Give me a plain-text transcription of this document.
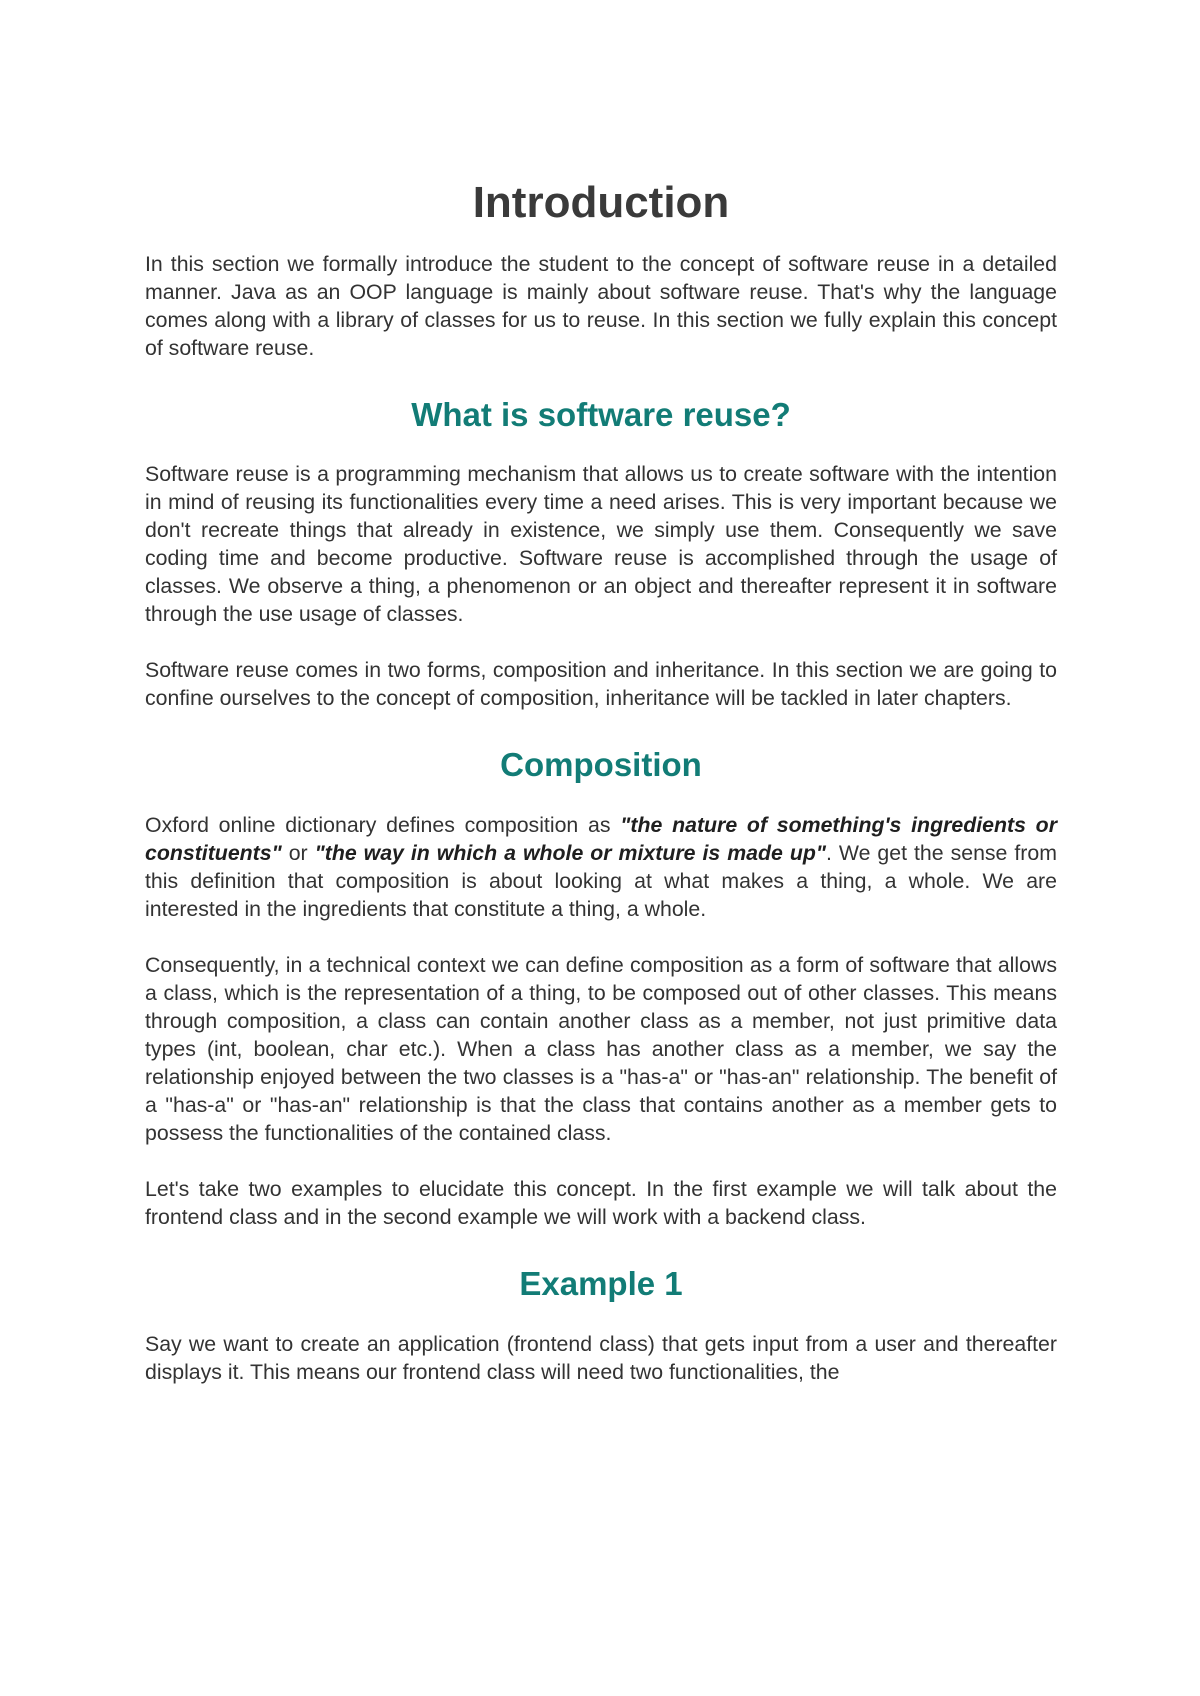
Introduction

In this section we formally introduce the student to the concept of software reuse in a detailed manner. Java as an OOP language is mainly about software reuse. That's why the language comes along with a library of classes for us to reuse. In this section we fully explain this concept of software reuse.

What is software reuse?

Software reuse is a programming mechanism that allows us to create software with the intention in mind of reusing its functionalities every time a need arises. This is very important because we don't recreate things that already in existence, we simply use them. Consequently we save coding time and become productive. Software reuse is accomplished through the usage of classes. We observe a thing, a phenomenon or an object and thereafter represent it in software through the use usage of classes.

Software reuse comes in two forms, composition and inheritance. In this section we are going to confine ourselves to the concept of composition, inheritance will be tackled in later chapters.

Composition

Oxford online dictionary defines composition as "the nature of something's ingredients or constituents" or "the way in which a whole or mixture is made up". We get the sense from this definition that composition is about looking at what makes a thing, a whole. We are interested in the ingredients that constitute a thing, a whole.

Consequently, in a technical context we can define composition as a form of software that allows a class, which is the representation of a thing, to be composed out of other classes. This means through composition, a class can contain another class as a member, not just primitive data types (int, boolean, char etc.). When a class has another class as a member, we say the relationship enjoyed between the two classes is a "has-a" or "has-an" relationship. The benefit of a "has-a" or "has-an" relationship is that the class that contains another as a member gets to possess the functionalities of the contained class.

Let's take two examples to elucidate this concept. In the first example we will talk about the frontend class and in the second example we will work with a backend class.

Example 1

Say we want to create an application (frontend class) that gets input from a user and thereafter displays it. This means our frontend class will need two functionalities, the
